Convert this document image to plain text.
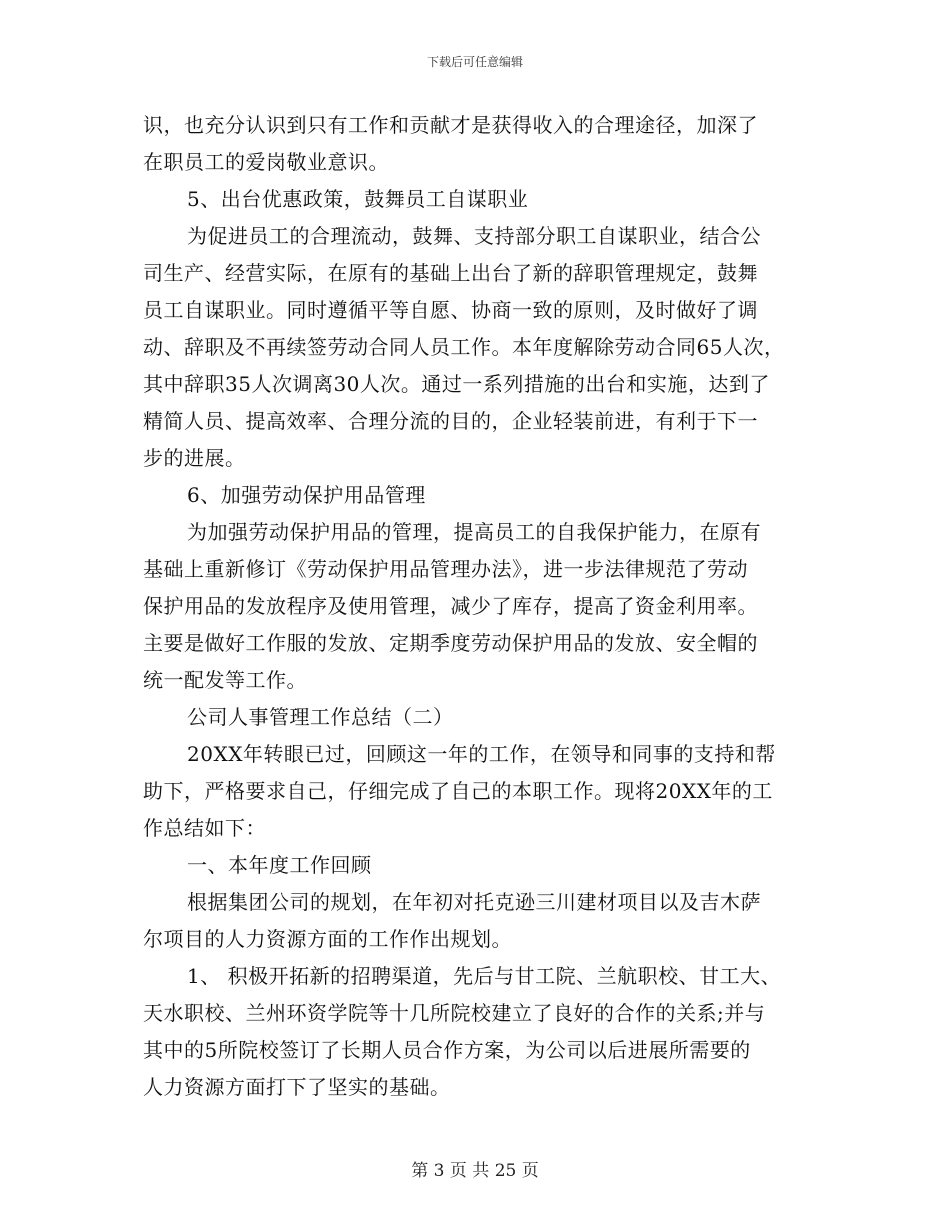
下载后可任意编辑
识，也充分认识到只有工作和贡献才是获得收入的合理途径，加深了
在职员工的爱岗敬业意识。
5、出台优惠政策，鼓舞员工自谋职业
为促进员工的合理流动，鼓舞、支持部分职工自谋职业，结合公
司生产、经营实际，在原有的基础上出台了新的辞职管理规定，鼓舞
员工自谋职业。同时遵循平等自愿、协商一致的原则，及时做好了调
动、辞职及不再续签劳动合同人员工作。本年度解除劳动合同65人次，
其中辞职35人次调离30人次。通过一系列措施的出台和实施，达到了
精简人员、提高效率、合理分流的目的，企业轻装前进，有利于下一
步的进展。
6、加强劳动保护用品管理
为加强劳动保护用品的管理，提高员工的自我保护能力，在原有
基础上重新修订《劳动保护用品管理办法》，进一步法律规范了劳动
保护用品的发放程序及使用管理，减少了库存，提高了资金利用率。
主要是做好工作服的发放、定期季度劳动保护用品的发放、安全帽的
统一配发等工作。
公司人事管理工作总结（二）
20XX年转眼已过，回顾这一年的工作，在领导和同事的支持和帮
助下，严格要求自己，仔细完成了自己的本职工作。现将20XX年的工
作总结如下：
一、本年度工作回顾
根据集团公司的规划，在年初对托克逊三川建材项目以及吉木萨
尔项目的人力资源方面的工作作出规划。
1、 积极开拓新的招聘渠道，先后与甘工院、兰航职校、甘工大、
天水职校、兰州环资学院等十几所院校建立了良好的合作的关系;并与
其中的5所院校签订了长期人员合作方案，为公司以后进展所需要的
人力资源方面打下了坚实的基础。
第 3 页 共 25 页
